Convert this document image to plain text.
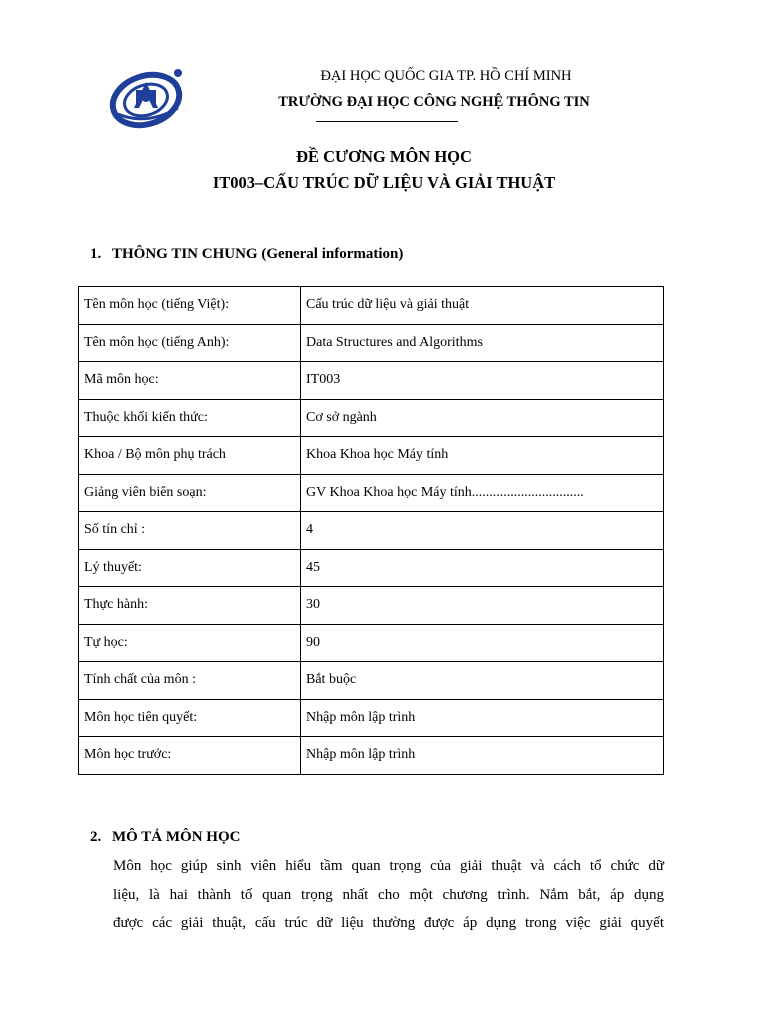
ĐẠI HỌC QUỐC GIA TP. HỒ CHÍ MINH
TRƯỜNG ĐẠI HỌC CÔNG NGHỆ THÔNG TIN
ĐỀ CƯƠNG MÔN HỌC
IT003–CẤU TRÚC DỮ LIỆU VÀ GIẢI THUẬT
1. THÔNG TIN CHUNG (General information)
Tên môn học (tiếng Việt):	Cấu trúc dữ liệu và giải thuật
Tên môn học (tiếng Anh):	Data Structures and Algorithms
Mã môn học:	IT003
Thuộc khối kiến thức:	Cơ sở ngành
Khoa / Bộ môn phụ trách	Khoa Khoa học Máy tính
Giảng viên biên soạn:	GV Khoa Khoa học Máy tính................................
Số tín chỉ :	4
Lý thuyết:	45
Thực hành:	30
Tự học:	90
Tính chất của môn :	Bắt buộc
Môn học tiên quyết:	Nhập môn lập trình
Môn học trước:	Nhập môn lập trình
2. MÔ TẢ MÔN HỌC
Môn học giúp sinh viên hiểu tầm quan trọng của giải thuật và cách tổ chức dữ
liệu, là hai thành tố quan trọng nhất cho một chương trình. Nắm bắt, áp dụng
được các giải thuật, cấu trúc dữ liệu thường được áp dụng trong việc giải quyết
